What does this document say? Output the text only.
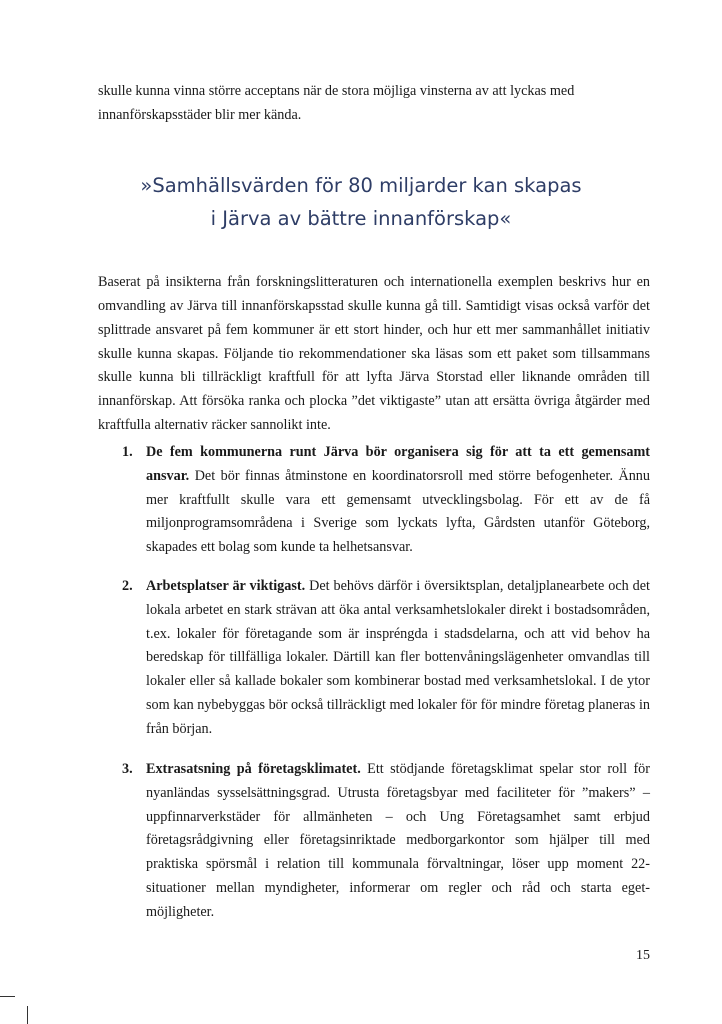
skulle kunna vinna större acceptans när de stora möjliga vinsterna av att lyckas med innanförskapsstäder blir mer kända.

»Samhällsvärden för 80 miljarder kan skapas i Järva av bättre innanförskap«

Baserat på insikterna från forskningslitteraturen och internationella exemplen beskrivs hur en omvandling av Järva till innanförskapsstad skulle kunna gå till. Samtidigt visas också varför det splittrade ansvaret på fem kommuner är ett stort hinder, och hur ett mer sammanhållet initiativ skulle kunna skapas. Följande tio rekommendationer ska läsas som ett paket som tillsammans skulle kunna bli tillräckligt kraftfull för att lyfta Järva Storstad eller liknande områden till innanförskap. Att försöka ranka och plocka ”det viktigaste” utan att ersätta övriga åtgärder med kraftfulla alternativ räcker sannolikt inte.

1. De fem kommunerna runt Järva bör organisera sig för att ta ett gemensamt ansvar. Det bör finnas åtminstone en koordinatorsroll med större befogenheter. Ännu mer kraftfullt skulle vara ett gemensamt utvecklingsbolag. För ett av de få miljonprogramsområdena i Sverige som lyckats lyfta, Gårdsten utanför Göteborg, skapades ett bolag som kunde ta helhetsansvar.
2. Arbetsplatser är viktigast. Det behövs därför i översiktsplan, detaljplanearbete och det lokala arbetet en stark strävan att öka antal verksamhetslokaler direkt i bostadsområden, t.ex. lokaler för företagande som är inspréngda i stadsdelarna, och att vid behov ha beredskap för tillfälliga lokaler. Därtill kan fler bottenvåningslägenheter omvandlas till lokaler eller så kallade bokaler som kombinerar bostad med verksamhetslokal. I de ytor som kan nybebyggas bör också tillräckligt med lokaler för för mindre företag planeras in från början.
3. Extrasatsning på företagsklimatet. Ett stödjande företagsklimat spelar stor roll för nyanländas sysselsättningsgrad. Utrusta företagsbyar med faciliteter för ”makers” – uppfinnarverkstäder för allmänheten – och Ung Företagsamhet samt erbjud företagsrådgivning eller företagsinriktade medborgarkontor som hjälper till med praktiska spörsmål i relation till kommunala förvaltningar, löser upp moment 22-situationer mellan myndigheter, informerar om regler och råd och starta eget-möjligheter.
15
